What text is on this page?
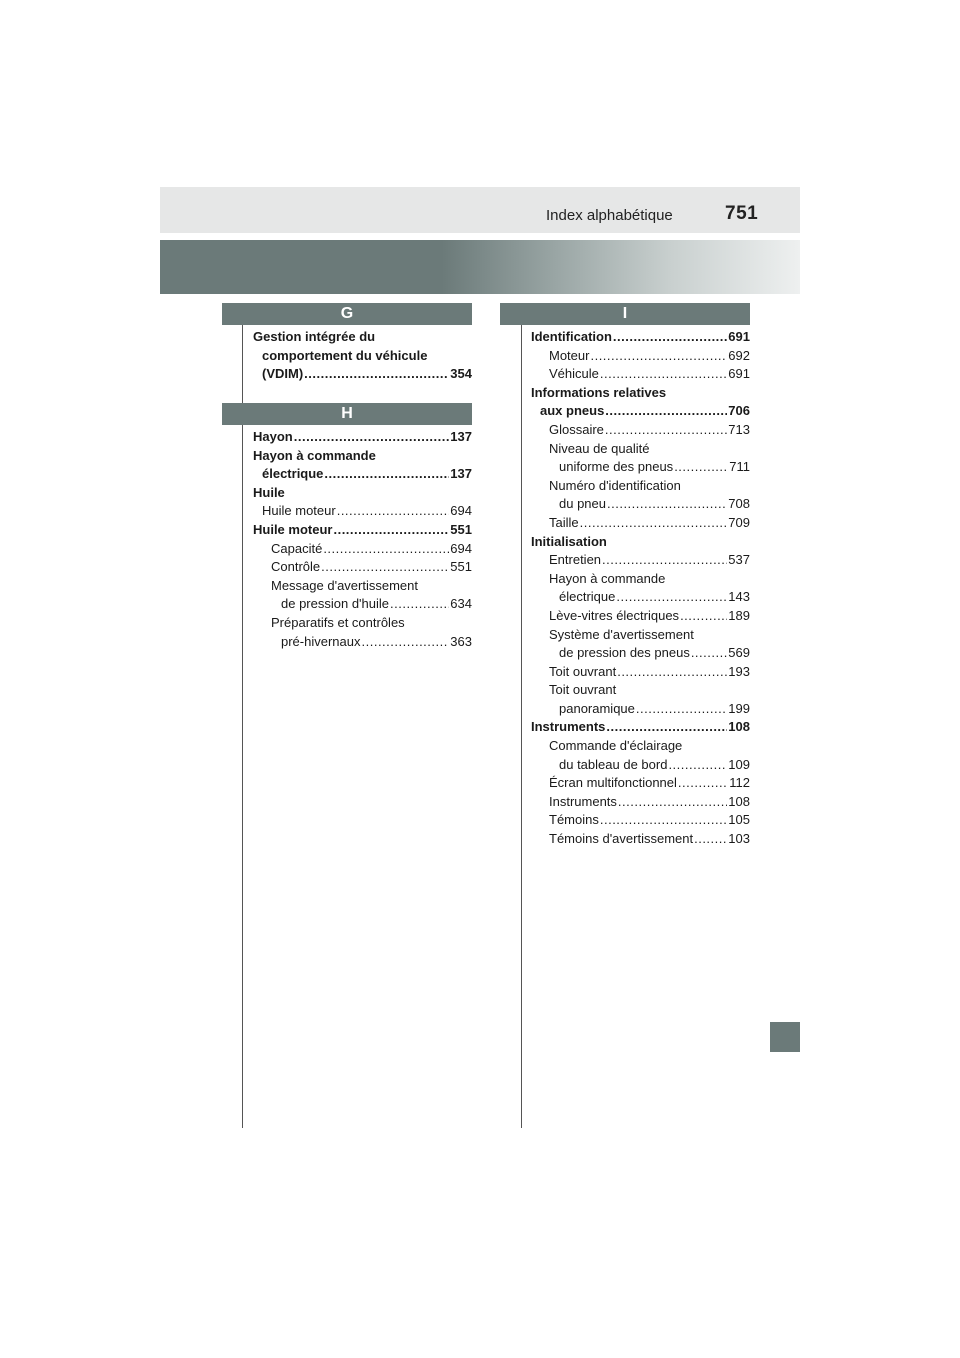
Index alphabétique	751
G
Gestion intégrée du
comportement du véhicule
(VDIM) .....	354
H
Hayon .....	137
Hayon à commande
électrique .....	137
Huile
Huile moteur .....	694
Huile moteur .....	551
Capacité .....	694
Contrôle .....	551
Message d'avertissement
de pression d'huile .....	634
Préparatifs et contrôles
pré-hivernaux .....	363
I
Identification .....	691
Moteur .....	692
Véhicule .....	691
Informations relatives
aux pneus .....	706
Glossaire .....	713
Niveau de qualité
uniforme des pneus .....	711
Numéro d'identification
du pneu .....	708
Taille .....	709
Initialisation
Entretien .....	537
Hayon à commande
électrique .....	143
Lève-vitres électriques .....	189
Système d'avertissement
de pression des pneus .....	569
Toit ouvrant .....	193
Toit ouvrant
panoramique .....	199
Instruments .....	108
Commande d'éclairage
du tableau de bord .....	109
Écran multifonctionnel .....	112
Instruments .....	108
Témoins .....	105
Témoins d'avertissement .....	103
